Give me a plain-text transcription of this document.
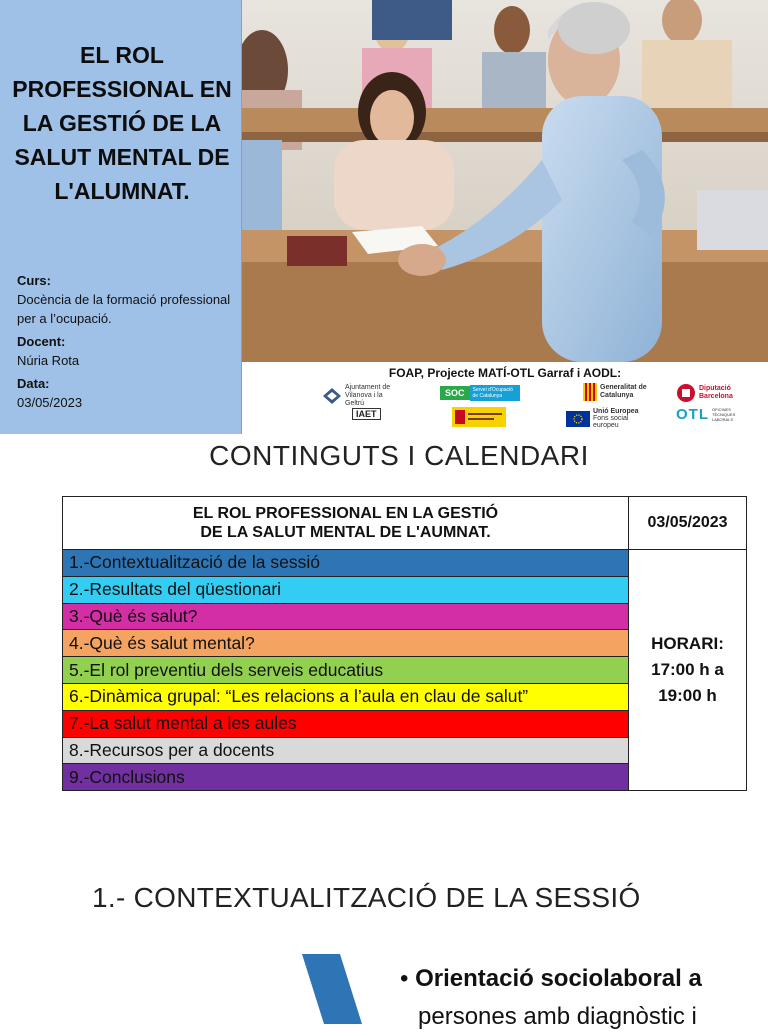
EL ROL PROFESSIONAL EN LA GESTIÓ DE LA SALUT MENTAL DE L'ALUMNAT.
Curs:
Docència de la formació professional per a l’ocupació.
Docent:
Núria Rota
Data:
03/05/2023
FOAP, Projecte MATÍ-OTL Garraf i AODL:
Ajuntament de Vilanova i la Geltrú
SOC	Servei d'Ocupació de Catalunya
Generalitat de Catalunya
Diputació Barcelona
IAET	Unió Europea
Fons social europeu
OTL OFICINES TÈCNIQUES LABORALS
CONTINGUTS I CALENDARI
EL ROL PROFESSIONAL EN LA GESTIÓ
DE LA SALUT MENTAL DE L'AUMNAT.	03/05/2023
1.-Contextualització de la sessió	HORARI:
17:00 h a
19:00 h
2.-Resultats del qüestionari	
3.-Què és salut?	
4.-Què és salut mental?	
5.-El rol preventiu dels serveis educatius	
6.-Dinàmica grupal: “Les relacions a l’aula en clau de salut”	
7.-La salut mental a les aules	
8.-Recursos per a docents	
9.-Conclusions	
1.- CONTEXTUALITZACIÓ DE LA SESSIÓ
• Orientació sociolaboral a
persones amb diagnòstic i
